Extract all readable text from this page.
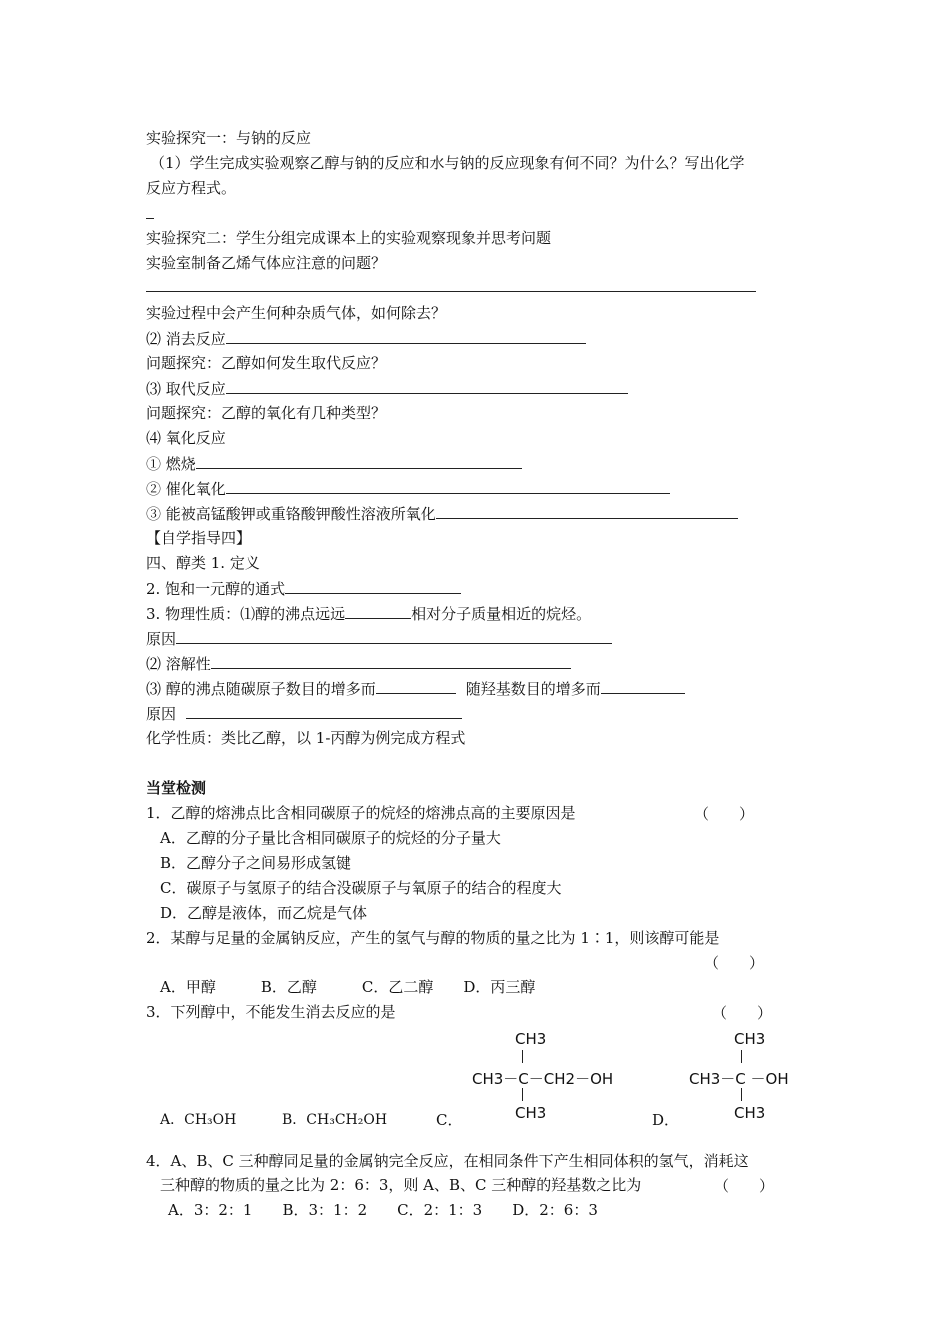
实验探究一：与钠的反应
（1）学生完成实验观察乙醇与钠的反应和水与钠的反应现象有何不同？为什么？写出化学
反应方程式。
实验探究二：学生分组完成课本上的实验观察现象并思考问题
实验室制备乙烯气体应注意的问题？
实验过程中会产生何种杂质气体，如何除去？
⑵ 消去反应
问题探究：乙醇如何发生取代反应？
⑶ 取代反应
问题探究：乙醇的氧化有几种类型？
⑷ 氧化反应
① 燃烧
② 催化氧化
③ 能被高锰酸钾或重铬酸钾酸性溶液所氧化
【自学指导四】
四、醇类 1. 定义
2. 饱和一元醇的通式
3. 物理性质：⑴醇的沸点远远	相对分子质量相近的烷烃。
原因
⑵ 溶解性
⑶ 醇的沸点随碳原子数目的增多而	随羟基数目的增多而
原因
化学性质：类比乙醇，以 1-丙醇为例完成方程式
当堂检测
1．乙醇的熔沸点比含相同碳原子的烷烃的熔沸点高的主要原因是	（　　）
A．乙醇的分子量比含相同碳原子的烷烃的分子量大
B．乙醇分子之间易形成氢键
C．碳原子与氢原子的结合没碳原子与氧原子的结合的程度大
D．乙醇是液体，而乙烷是气体
2．某醇与足量的金属钠反应，产生的氢气与醇的物质的量之比为 1∶1，则该醇可能是
（　　）
A．甲醇　　　B．乙醇　　　C．乙二醇　　D．丙三醇
3．下列醇中，不能发生消去反应的是	（　　）
A．CH₃OH	B．CH₃CH₂OH	C．	D．
CH3
CH3－C－CH2－OH
CH3
CH3
CH3－C －OH
CH3
4．A、B、C 三种醇同足量的金属钠完全反应，在相同条件下产生相同体积的氢气，消耗这
三种醇的物质的量之比为 2：6：3，则 A、B、C 三种醇的羟基数之比为	（　　）
A．3：2：1　　B．3：1：2　　C．2：1：3　　D．2：6：3
